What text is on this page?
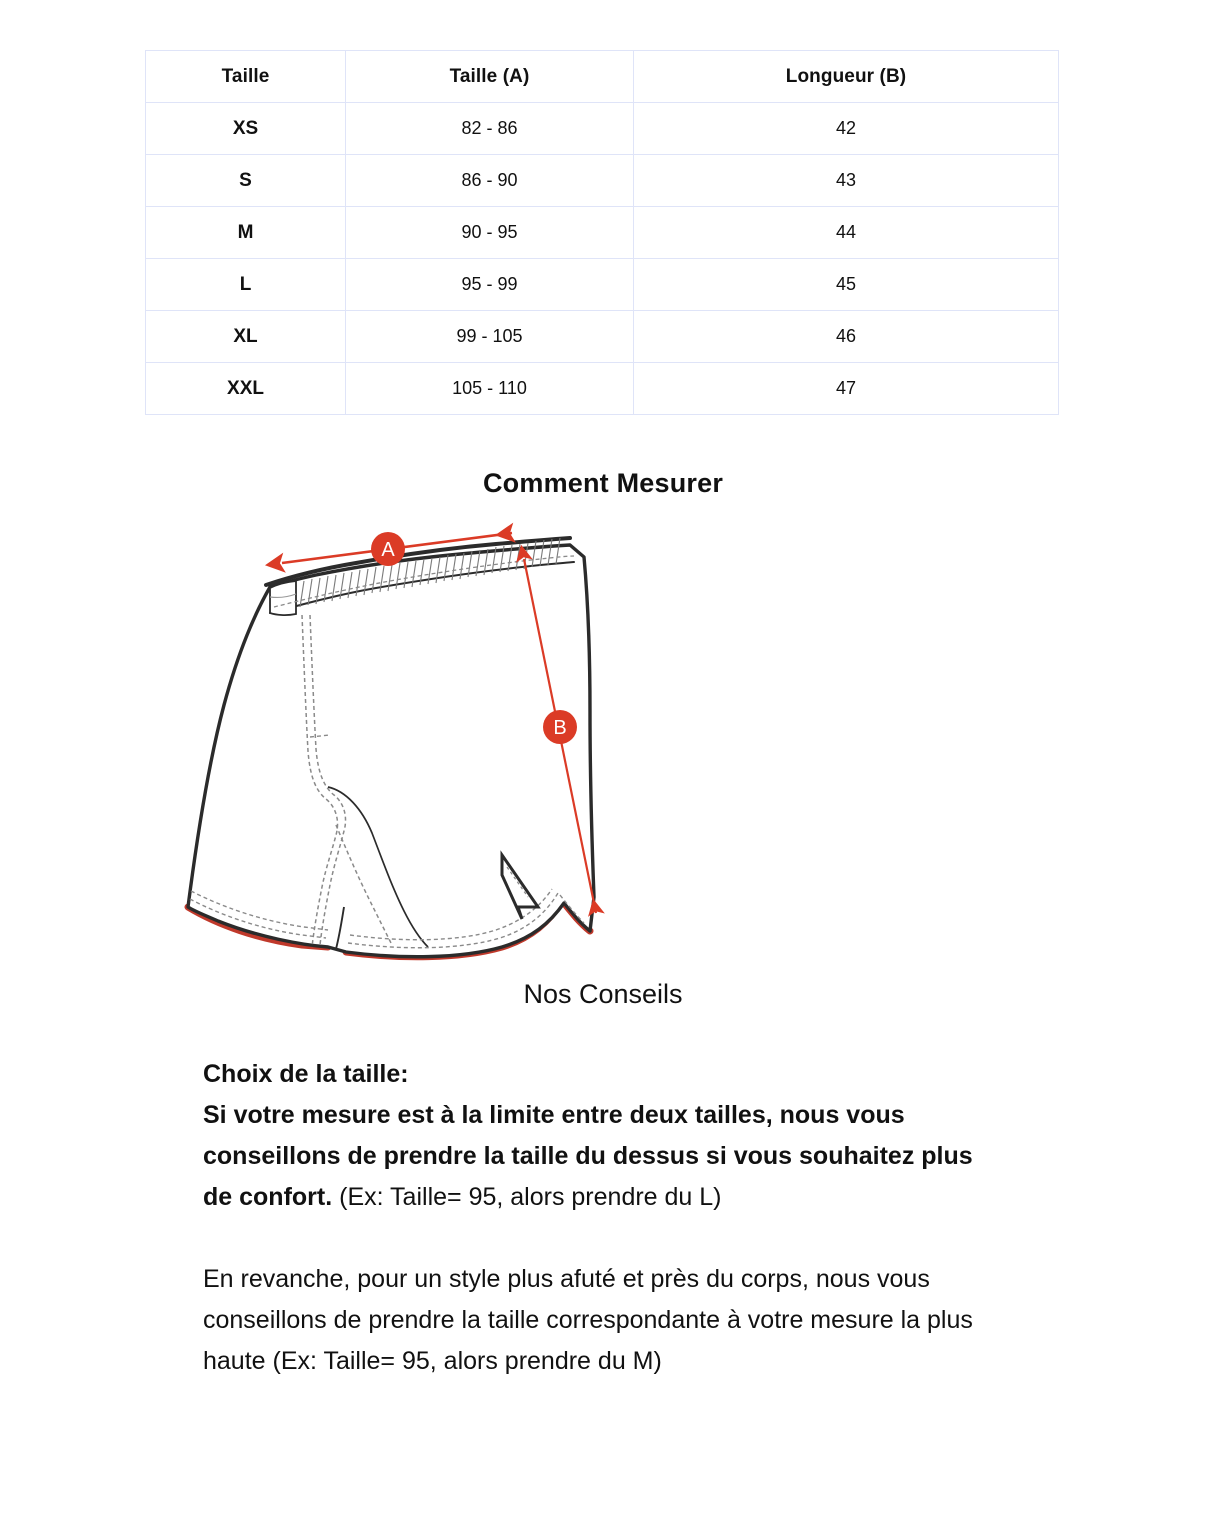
Taille	Taille (A)	Longueur (B)
XS	82 - 86	42
S	86 - 90	43
M	90 - 95	44
L	95 - 99	45
XL	99 - 105	46
XXL	105 - 110	47
Comment Mesurer
A
B
Nos Conseils
Choix de la taille:

Si votre mesure est à la limite entre deux tailles, nous vous conseillons de prendre la taille du dessus si vous souhaitez plus de confort. (Ex: Taille= 95, alors prendre du L)

En revanche, pour un style plus afuté et près du corps, nous vous conseillons de prendre la taille correspondante à votre mesure la plus haute (Ex: Taille= 95, alors prendre du M)
